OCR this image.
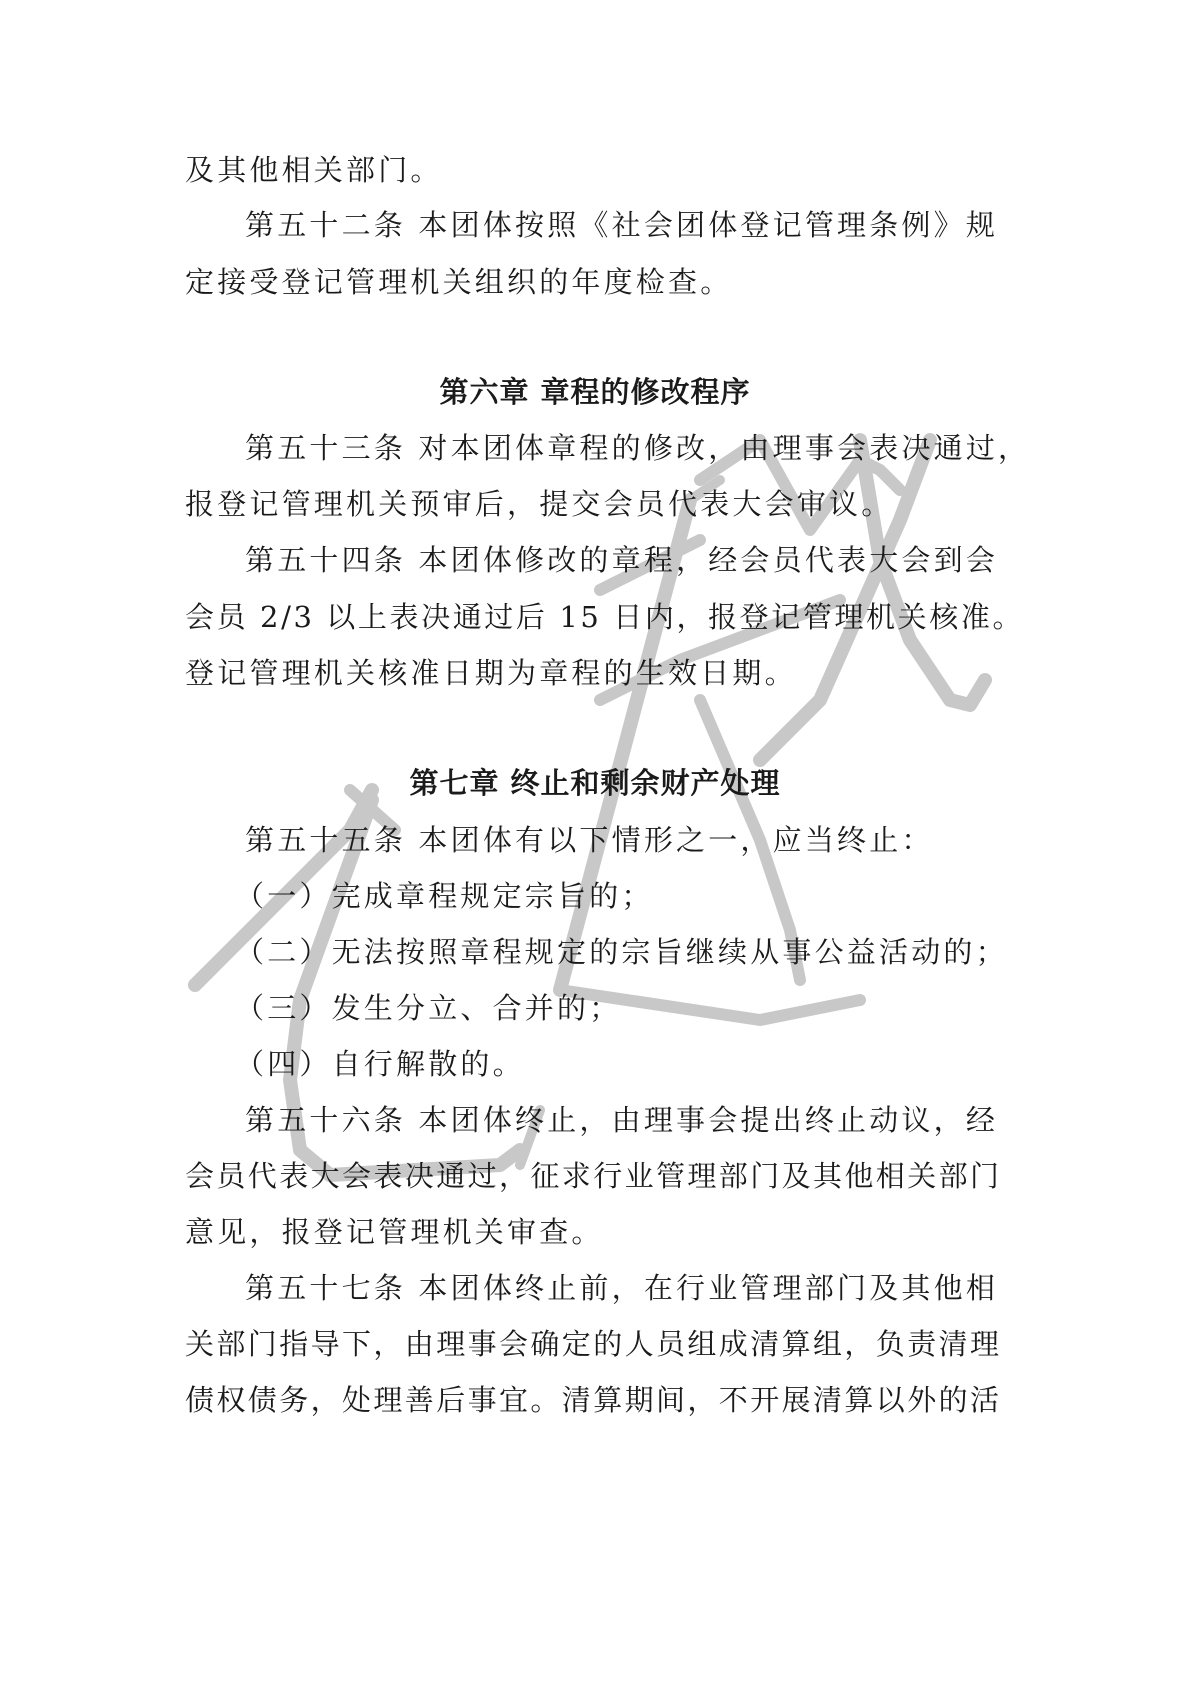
及其他相关部门。
第五十二条 本团体按照《社会团体登记管理条例》规
定接受登记管理机关组织的年度检查。
第六章 章程的修改程序
第五十三条 对本团体章程的修改，由理事会表决通过，
报登记管理机关预审后，提交会员代表大会审议。
第五十四条 本团体修改的章程，经会员代表大会到会
会员 2/3 以上表决通过后 15 日内，报登记管理机关核准。
登记管理机关核准日期为章程的生效日期。
第七章 终止和剩余财产处理
第五十五条 本团体有以下情形之一，应当终止：
（一）完成章程规定宗旨的；
（二）无法按照章程规定的宗旨继续从事公益活动的；
（三）发生分立、合并的；
（四）自行解散的。
第五十六条 本团体终止，由理事会提出终止动议，经
会员代表大会表决通过，征求行业管理部门及其他相关部门
意见，报登记管理机关审查。
第五十七条 本团体终止前，在行业管理部门及其他相
关部门指导下，由理事会确定的人员组成清算组，负责清理
债权债务，处理善后事宜。清算期间，不开展清算以外的活
